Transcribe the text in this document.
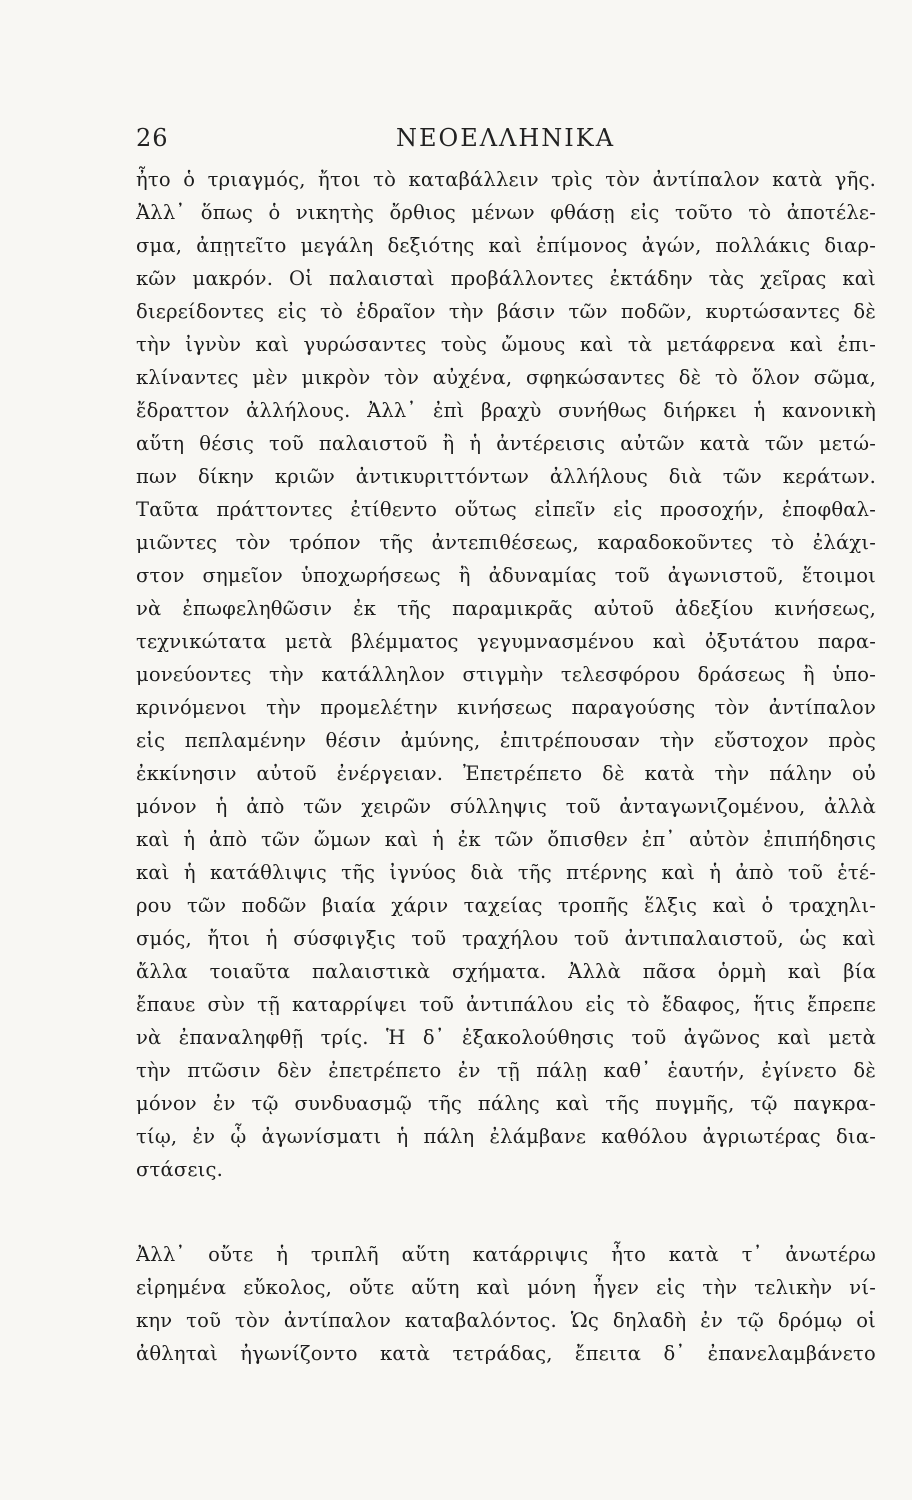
26	ΝΕΟΕΛΛΗΝΙΚΑ
ἦτο ὁ τριαγμός, ἤτοι τὸ καταβάλλειν τρὶς τὸν ἀντίπαλον κατὰ γῆς.
Ἀλλ᾽ ὅπως ὁ νικητὴς ὄρθιος μένων φθάσῃ εἰς τοῦτο τὸ ἀποτέλε-
σμα, ἀπῃτεῖτο μεγάλη δεξιότης καὶ ἐπίμονος ἀγών, πολλάκις διαρ-
κῶν μακρόν. Οἱ παλαισταὶ προβάλλοντες ἐκτάδην τὰς χεῖρας καὶ
διερείδοντες εἰς τὸ ἑδραῖον τὴν βάσιν τῶν ποδῶν, κυρτώσαντες δὲ
τὴν ἰγνὺν καὶ γυρώσαντες τοὺς ὤμους καὶ τὰ μετάφρενα καὶ ἐπι-
κλίναντες μὲν μικρὸν τὸν αὐχένα, σφηκώσαντες δὲ τὸ ὅλον σῶμα,
ἔδραττον ἀλλήλους. Ἀλλ᾽ ἐπὶ βραχὺ συνήθως διήρκει ἡ κανονικὴ
αὕτη θέσις τοῦ παλαιστοῦ ἢ ἡ ἀντέρεισις αὐτῶν κατὰ τῶν μετώ-
πων δίκην κριῶν ἀντικυριττόντων ἀλλήλους διὰ τῶν κεράτων.
Ταῦτα πράττοντες ἐτίθεντο οὕτως εἰπεῖν εἰς προσοχήν, ἐποφθαλ-
μιῶντες τὸν τρόπον τῆς ἀντεπιθέσεως, καραδοκοῦντες τὸ ἐλάχι-
στον σημεῖον ὑποχωρήσεως ἢ ἀδυναμίας τοῦ ἀγωνιστοῦ, ἕτοιμοι
νὰ ἐπωφεληθῶσιν ἐκ τῆς παραμικρᾶς αὐτοῦ ἀδεξίου κινήσεως,
τεχνικώτατα μετὰ βλέμματος γεγυμνασμένου καὶ ὀξυτάτου παρα-
μονεύοντες τὴν κατάλληλον στιγμὴν τελεσφόρου δράσεως ἢ ὑπο-
κρινόμενοι τὴν προμελέτην κινήσεως παραγούσης τὸν ἀντίπαλον
εἰς πεπλαμένην θέσιν ἀμύνης, ἐπιτρέπουσαν τὴν εὔστοχον πρὸς
ἐκκίνησιν αὐτοῦ ἐνέργειαν. Ἐπετρέπετο δὲ κατὰ τὴν πάλην οὐ
μόνον ἡ ἀπὸ τῶν χειρῶν σύλληψις τοῦ ἀνταγωνιζομένου, ἀλλὰ
καὶ ἡ ἀπὸ τῶν ὤμων καὶ ἡ ἐκ τῶν ὄπισθεν ἐπ᾽ αὐτὸν ἐπιπήδησις
καὶ ἡ κατάθλιψις τῆς ἰγνύος διὰ τῆς πτέρνης καὶ ἡ ἀπὸ τοῦ ἑτέ-
ρου τῶν ποδῶν βιαία χάριν ταχείας τροπῆς ἕλξις καὶ ὁ τραχηλι-
σμός, ἤτοι ἡ σύσφιγξις τοῦ τραχήλου τοῦ ἀντιπαλαιστοῦ, ὡς καὶ
ἄλλα τοιαῦτα παλαιστικὰ σχήματα. Ἀλλὰ πᾶσα ὁρμὴ καὶ βία
ἔπαυε σὺν τῇ καταρρίψει τοῦ ἀντιπάλου εἰς τὸ ἔδαφος, ἥτις ἔπρεπε
νὰ ἐπαναληφθῇ τρίς. Ἡ δ᾽ ἐξακολούθησις τοῦ ἀγῶνος καὶ μετὰ
τὴν πτῶσιν δὲν ἐπετρέπετο ἐν τῇ πάλῃ καθ᾽ ἑαυτήν, ἐγίνετο δὲ
μόνον ἐν τῷ συνδυασμῷ τῆς πάλης καὶ τῆς πυγμῆς, τῷ παγκρα-
τίῳ, ἐν ᾧ ἀγωνίσματι ἡ πάλη ἐλάμβανε καθόλου ἀγριωτέρας δια-
στάσεις.
Ἀλλ᾽ οὔτε ἡ τριπλῆ αὕτη κατάρριψις ἦτο κατὰ τ᾽ ἀνωτέρω
εἰρημένα εὔκολος, οὔτε αὕτη καὶ μόνη ἦγεν εἰς τὴν τελικὴν νί-
κην τοῦ τὸν ἀντίπαλον καταβαλόντος. Ὡς δηλαδὴ ἐν τῷ δρόμῳ οἱ
ἀθληταὶ ἠγωνίζοντο κατὰ τετράδας, ἔπειτα δ᾽ ἐπανελαμβάνετο
